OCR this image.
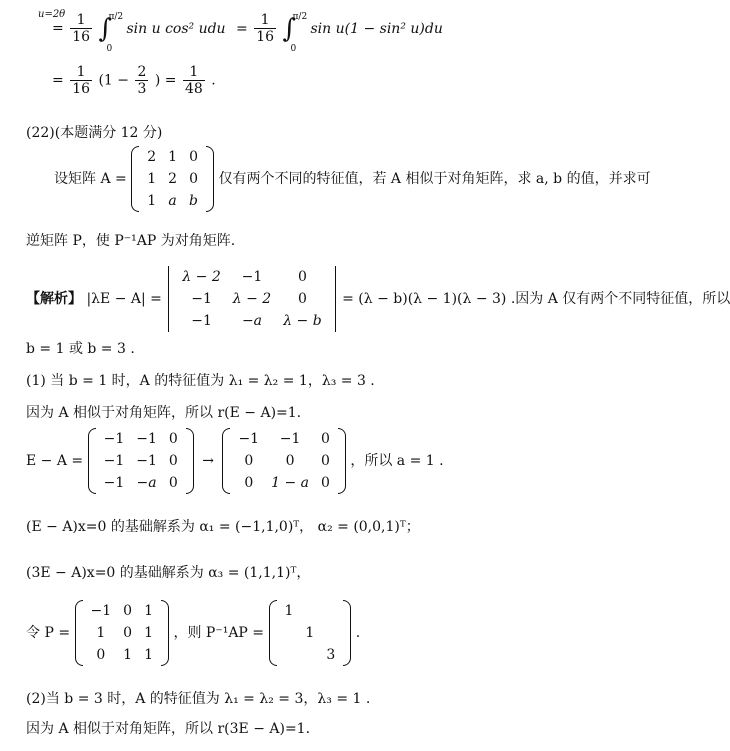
u=2θ
= $\frac{1}{16}$ ∫
π/2
0
sin u cos² udu = $\frac{1}{16}$ ∫
π/2
0
sin u(1 − sin² u)du
= $\frac{1}{16} (1 - \frac{2}{3}$ ) = $\frac{1}{48}$ .
(22)(本题满分 12 分)
设矩阵 A =
2	1	0
1	2	0
1	a	b
仅有两个不同的特征值，若 A 相似于对角矩阵，求 a, b 的值，并求可
逆矩阵 P，使 P⁻¹AP 为对角矩阵.
【解析】 |λE − A| =
λ − 2	−1	0
−1	λ − 2	0
−1	−a	λ − b
= (λ − b)(λ − 1)(λ − 3) .因为 A 仅有两个不同特征值，所以
b = 1 或 b = 3 .
(1) 当 b = 1 时，A 的特征值为 λ₁ = λ₂ = 1，λ₃ = 3 .
因为 A 相似于对角矩阵，所以 r(E − A)=1.
E − A =
−1	−1	0
−1	−1	0
−1	−a	0
→
−1	−1	0
0	0	0
0	1 − a	0
，所以 a = 1 .
(E − A)x=0 的基础解系为 α₁ = (−1,1,0)ᵀ， α₂ = (0,0,1)ᵀ；
(3E − A)x=0 的基础解系为 α₃ = (1,1,1)ᵀ，
令 P =
−1	0	1
1	0	1
0	1	1
，则 P⁻¹AP =
1		
	1	
		3
.
(2)当 b = 3 时，A 的特征值为 λ₁ = λ₂ = 3，λ₃ = 1 .
因为 A 相似于对角矩阵，所以 r(3E − A)=1.
